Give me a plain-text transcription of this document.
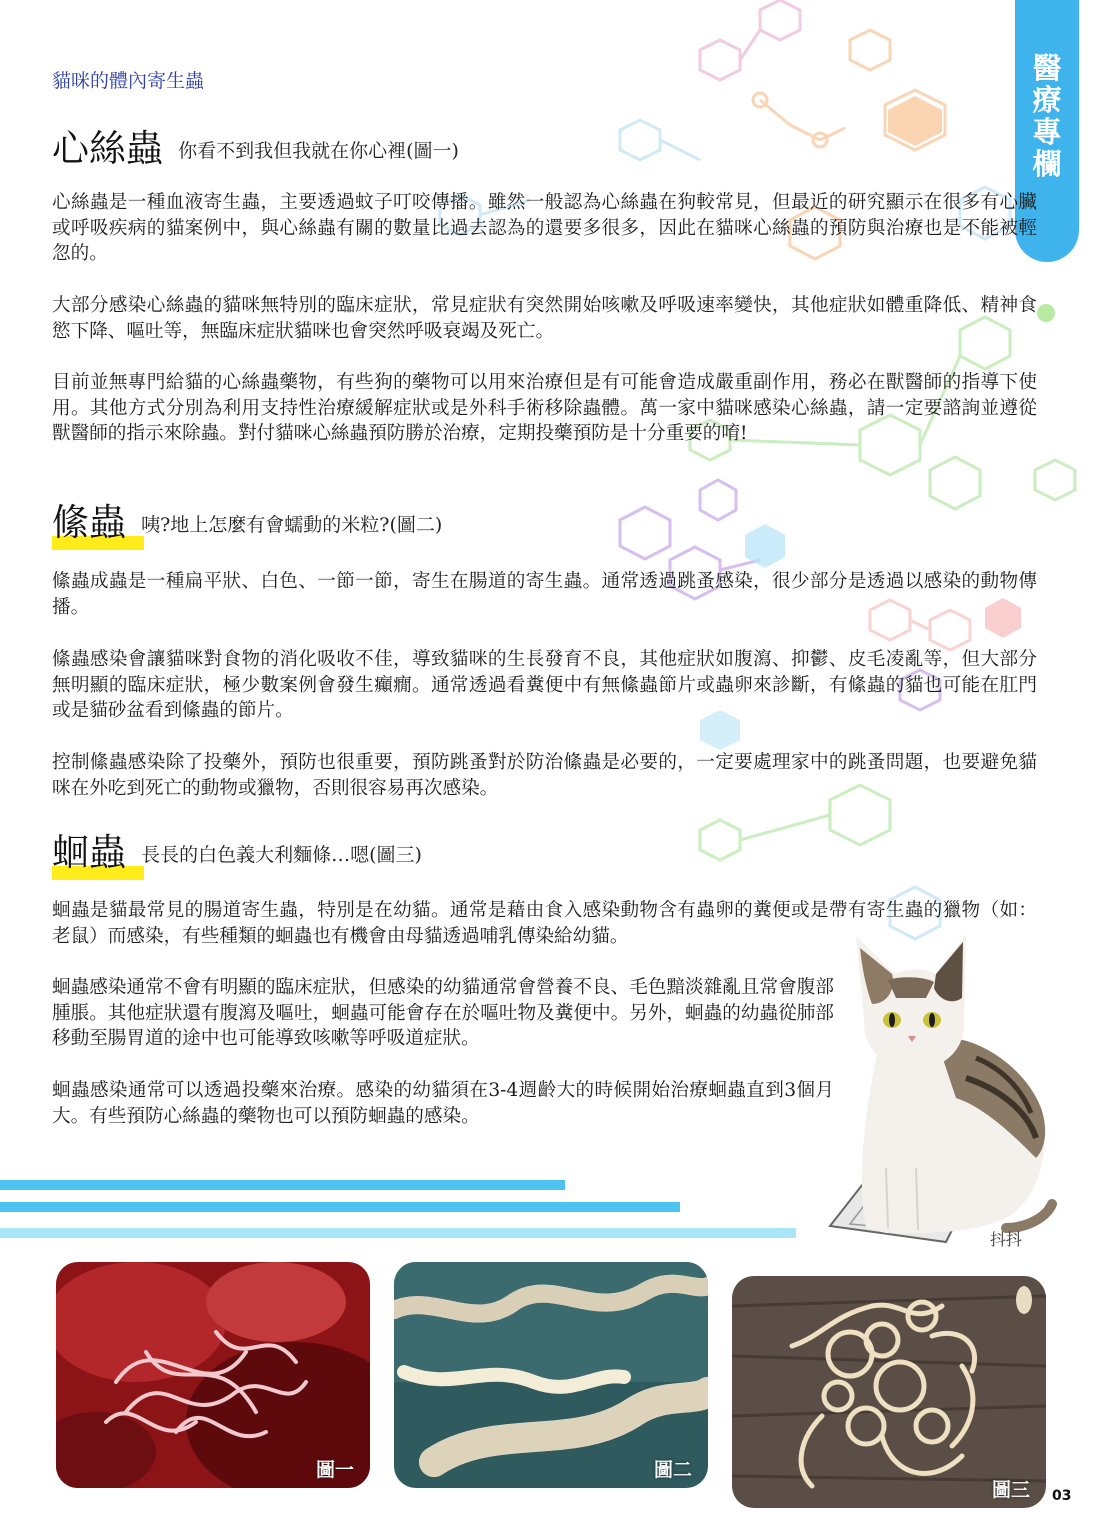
貓咪的體內寄生蟲	醫
療
專
欄
心絲蟲 你看不到我但我就在你心裡(圖一)

心絲蟲是一種血液寄生蟲，主要透過蚊子叮咬傳播。雖然一般認為心絲蟲在狗較常見，但最近的研究顯示在很多有心臟或呼吸疾病的貓案例中，與心絲蟲有關的數量比過去認為的還要多很多，因此在貓咪心絲蟲的預防與治療也是不能被輕忽的。

大部分感染心絲蟲的貓咪無特別的臨床症狀，常見症狀有突然開始咳嗽及呼吸速率變快，其他症狀如體重降低、精神食慾下降、嘔吐等，無臨床症狀貓咪也會突然呼吸衰竭及死亡。

目前並無專門給貓的心絲蟲藥物，有些狗的藥物可以用來治療但是有可能會造成嚴重副作用，務必在獸醫師的指導下使用。其他方式分別為利用支持性治療緩解症狀或是外科手術移除蟲體。萬一家中貓咪感染心絲蟲，請一定要諮詢並遵從獸醫師的指示來除蟲。對付貓咪心絲蟲預防勝於治療，定期投藥預防是十分重要的唷!

絛蟲 咦?地上怎麼有會蠕動的米粒?(圖二)

絛蟲成蟲是一種扁平狀、白色、一節一節，寄生在腸道的寄生蟲。通常透過跳蚤感染，很少部分是透過以感染的動物傳播。

絛蟲感染會讓貓咪對食物的消化吸收不佳，導致貓咪的生長發育不良，其他症狀如腹瀉、抑鬱、皮毛凌亂等，但大部分無明顯的臨床症狀，極少數案例會發生癲癇。通常透過看糞便中有無絛蟲節片或蟲卵來診斷，有絛蟲的貓也可能在肛門或是貓砂盆看到絛蟲的節片。

控制絛蟲感染除了投藥外，預防也很重要，預防跳蚤對於防治絛蟲是必要的，一定要處理家中的跳蚤問題，也要避免貓咪在外吃到死亡的動物或獵物，否則很容易再次感染。

蛔蟲 長長的白色義大利麵條…嗯(圖三)

蛔蟲是貓最常見的腸道寄生蟲，特別是在幼貓。通常是藉由食入感染動物含有蟲卵的糞便或是帶有寄生蟲的獵物（如：老鼠）而感染，有些種類的蛔蟲也有機會由母貓透過哺乳傳染給幼貓。

蛔蟲感染通常不會有明顯的臨床症狀，但感染的幼貓通常會營養不良、毛色黯淡雜亂且常會腹部腫脹。其他症狀還有腹瀉及嘔吐，蛔蟲可能會存在於嘔吐物及糞便中。另外，蛔蟲的幼蟲從肺部移動至腸胃道的途中也可能導致咳嗽等呼吸道症狀。

蛔蟲感染通常可以透過投藥來治療。感染的幼貓須在3-4週齡大的時候開始治療蛔蟲直到3個月大。有些預防心絲蟲的藥物也可以預防蛔蟲的感染。

抖抖
圖一	圖二
圖三 03
